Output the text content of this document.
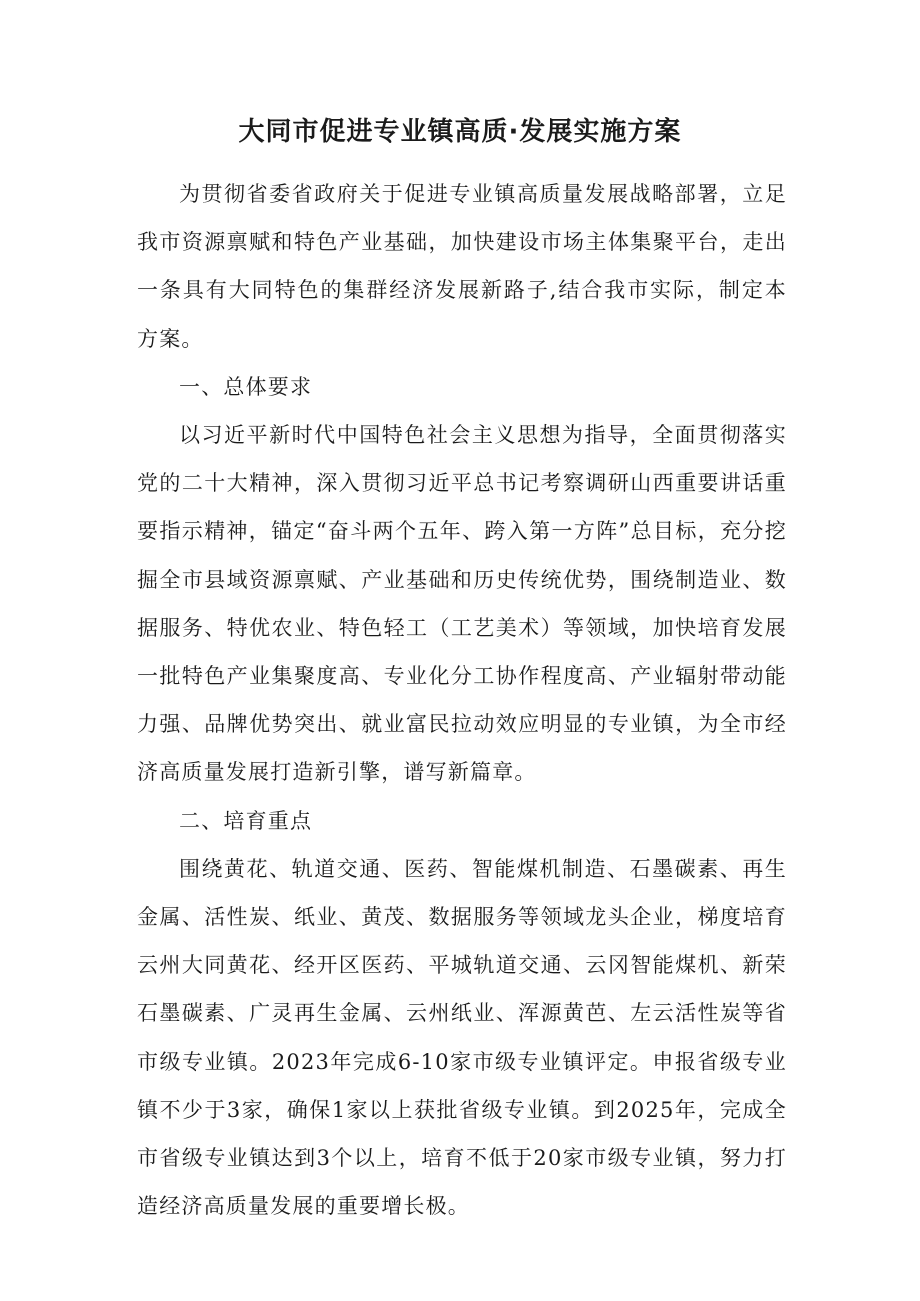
大同市促进专业镇高质·发展实施方案

为贯彻省委省政府关于促进专业镇高质量发展战略部署，立足我市资源禀赋和特色产业基础，加快建设市场主体集聚平台，走出一条具有大同特色的集群经济发展新路子,结合我市实际，制定本方案。

一、总体要求

以习近平新时代中国特色社会主义思想为指导，全面贯彻落实党的二十大精神，深入贯彻习近平总书记考察调研山西重要讲话重要指示精神，锚定“奋斗两个五年、跨入第一方阵”总目标，充分挖掘全市县域资源禀赋、产业基础和历史传统优势，围绕制造业、数据服务、特优农业、特色轻工（工艺美术）等领域，加快培育发展一批特色产业集聚度高、专业化分工协作程度高、产业辐射带动能力强、品牌优势突出、就业富民拉动效应明显的专业镇，为全市经济高质量发展打造新引擎，谱写新篇章。

二、培育重点

围绕黄花、轨道交通、医药、智能煤机制造、石墨碳素、再生金属、活性炭、纸业、黄茂、数据服务等领域龙头企业，梯度培育云州大同黄花、经开区医药、平城轨道交通、云冈智能煤机、新荣石墨碳素、广灵再生金属、云州纸业、浑源黄芭、左云活性炭等省市级专业镇。2023年完成6-10家市级专业镇评定。申报省级专业镇不少于3家，确保1家以上获批省级专业镇。到2025年，完成全市省级专业镇达到3个以上，培育不低于20家市级专业镇，努力打造经济高质量发展的重要增长极。
